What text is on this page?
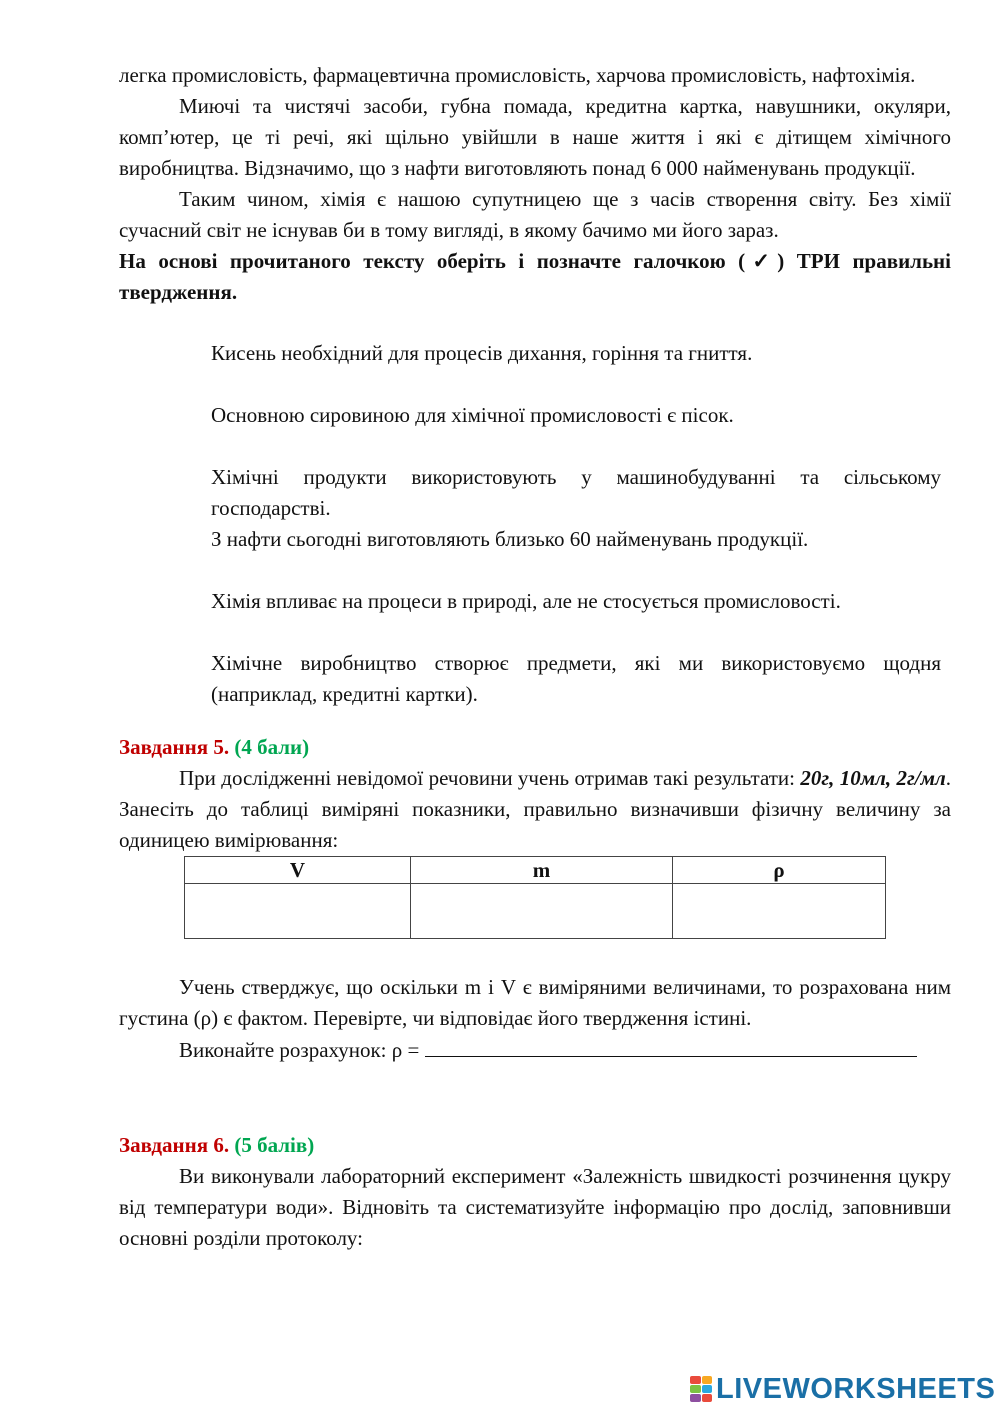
легка промисловість, фармацевтична промисловість, харчова промисловість, нафтохімія.

Миючі та чистячі засоби, губна помада, кредитна картка, навушники, окуляри, комп’ютер, це ті речі, які щільно увійшли в наше життя і які є дітищем хімічного виробництва. Відзначимо, що з нафти виготовляють понад 6 000 найменувань продукції.

Таким чином, хімія є нашою супутницею ще з часів створення світу. Без хімії сучасний світ не існував би в тому вигляді, в якому бачимо ми його зараз.

На основі прочитаного тексту оберіть і позначте галочкою (✓) ТРИ правильні твердження.

Кисень необхідний для процесів дихання, горіння та гниття.

Основною сировиною для хімічної промисловості є пісок.

Хімічні продукти використовують у машинобудуванні та сільському господарстві.

З нафти сьогодні виготовляють близько 60 найменувань продукції.

Хімія впливає на процеси в природі, але не стосується промисловості.

Хімічне виробництво створює предмети, які ми використовуємо щодня (наприклад, кредитні картки).

Завдання 5. (4 бали)

При дослідженні невідомої речовини учень отримав такі результати: 20г, 10мл, 2г/мл. Занесіть до таблиці виміряні показники, правильно визначивши фізичну величину за одиницею вимірювання:

V	m	ρ

Учень стверджує, що оскільки m і V є виміряними величинами, то розрахована ним густина (ρ) є фактом. Перевірте, чи відповідає його твердження істині.

Виконайте розрахунок: ρ =

Завдання 6. (5 балів)

Ви виконували лабораторний експеримент «Залежність швидкості розчинення цукру від температури води». Відновіть та систематизуйте інформацію про дослід, заповнивши основні розділи протоколу:

LIVEWORKSHEETS
